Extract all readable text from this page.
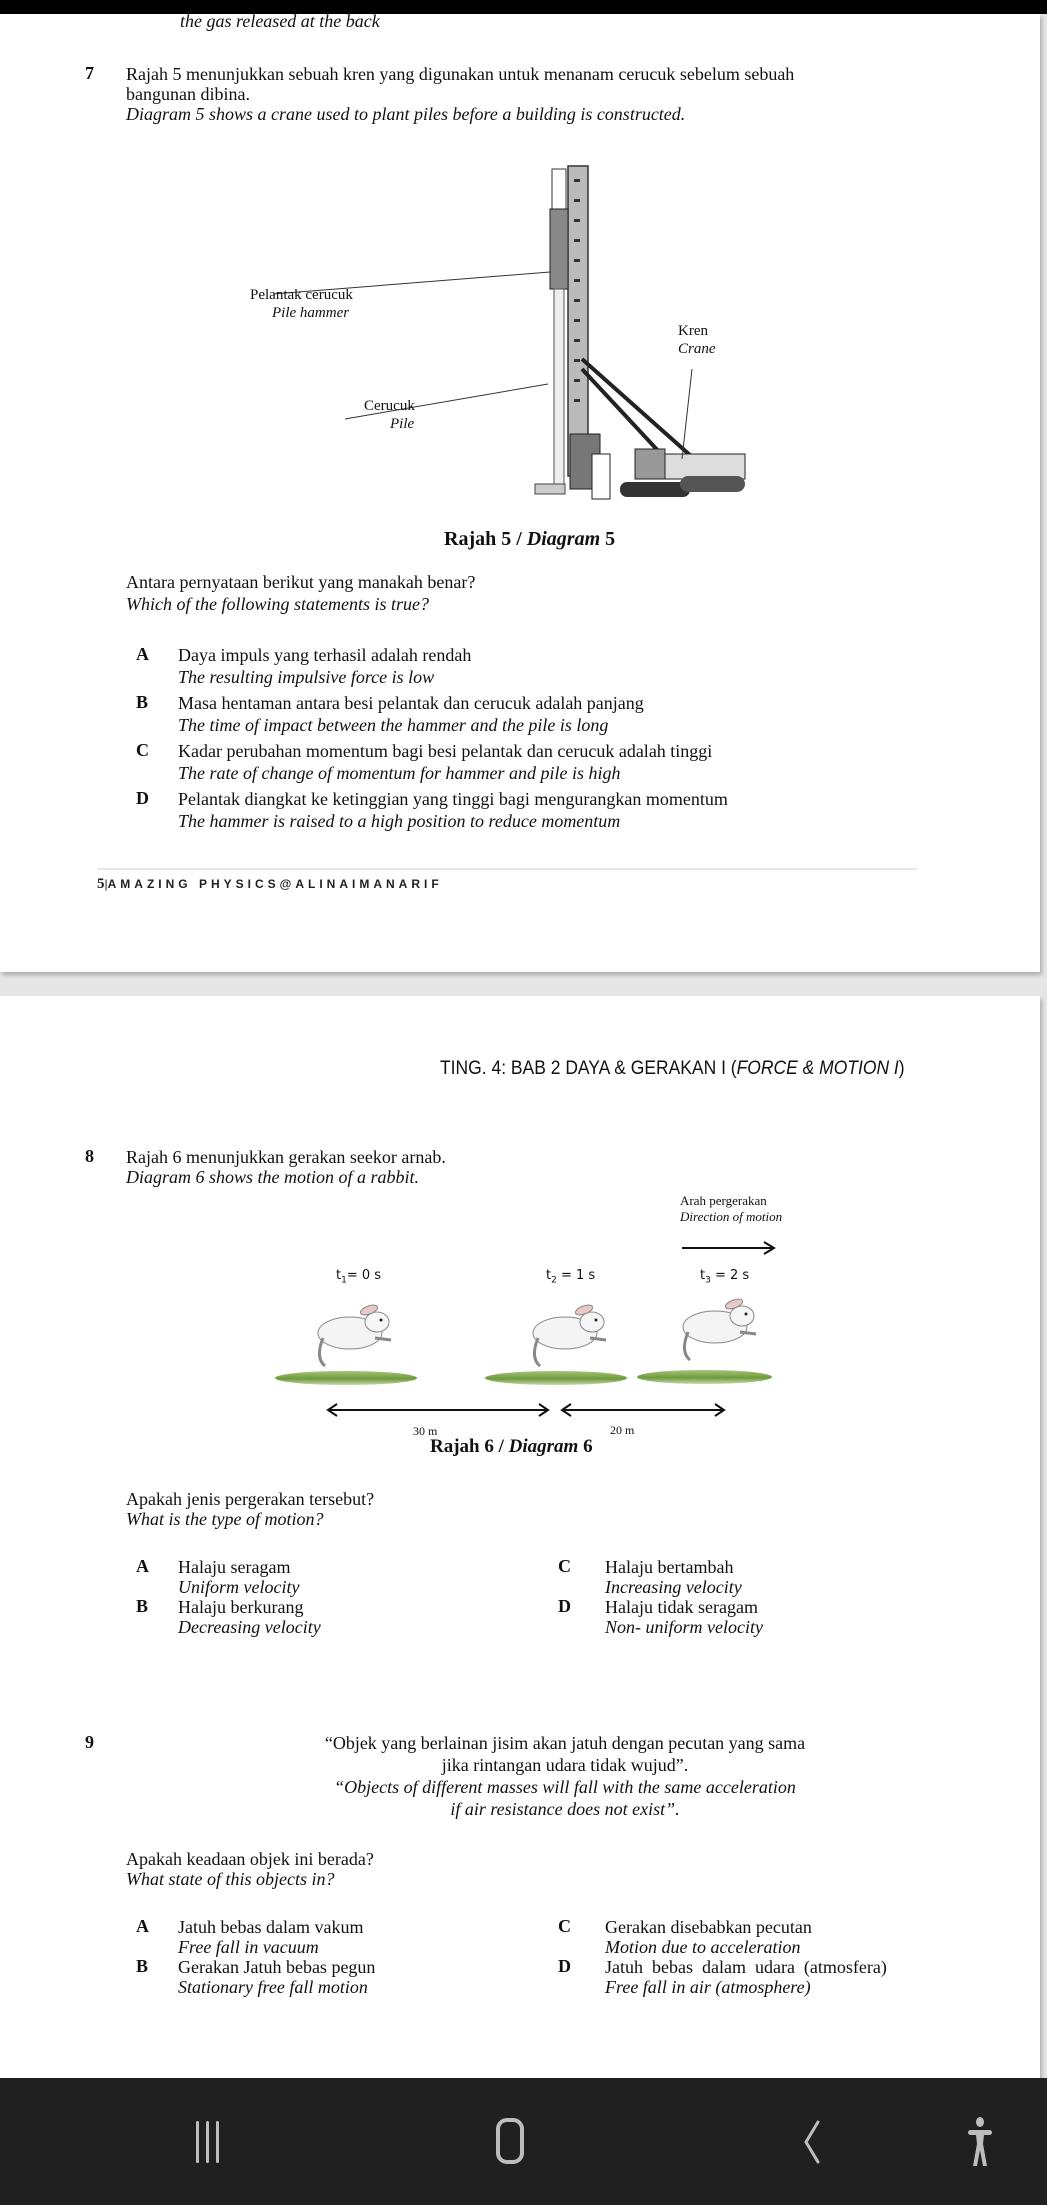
the gas released at the back
7 Rajah 5 menunjukkan sebuah kren yang digunakan untuk menanam cerucuk sebelum sebuah
bangunan dibina.
Diagram 5 shows a crane used to plant piles before a building is constructed.
Pelantak cerucuk
Pile hammer
Kren
Crane
Cerucuk
Pile
Rajah 5 / Diagram 5
Antara pernyataan berikut yang manakah benar?
Which of the following statements is true?
A Daya impuls yang terhasil adalah rendah
The resulting impulsive force is low
B Masa hentaman antara besi pelantak dan cerucuk adalah panjang
The time of impact between the hammer and the pile is long
C Kadar perubahan momentum bagi besi pelantak dan cerucuk adalah tinggi
The rate of change of momentum for hammer and pile is high
D Pelantak diangkat ke ketinggian yang tinggi bagi mengurangkan momentum
The hammer is raised to a high position to reduce momentum
5|AMAZING PHYSICS@ALINAIMANARIF
TING. 4: BAB 2 DAYA & GERAKAN I (FORCE & MOTION I)
8 Rajah 6 menunjukkan gerakan seekor arnab.
Diagram 6 shows the motion of a rabbit.
Arah pergerakan
Direction of motion
$t_1= 0$ s	$t_2 = 1$ s	$t_3 = 2$ s
30 m	20 m
Rajah 6 / Diagram 6
Apakah jenis pergerakan tersebut?
What is the type of motion?
A Halaju seragam
Uniform velocity
B Halaju berkurang
Decreasing velocity
C Halaju bertambah
Increasing velocity
D Halaju tidak seragam
Non- uniform velocity
9	“Objek yang berlainan jisim akan jatuh dengan pecutan yang sama
jika rintangan udara tidak wujud”.
“Objects of different masses will fall with the same acceleration
if air resistance does not exist”.
Apakah keadaan objek ini berada?
What state of this objects in?
A Jatuh bebas dalam vakum
Free fall in vacuum
B Gerakan Jatuh bebas pegun
Stationary free fall motion
C Gerakan disebabkan pecutan
Motion due to acceleration
D Jatuh  bebas  dalam  udara  (atmosfera)
Free fall in air (atmosphere)
